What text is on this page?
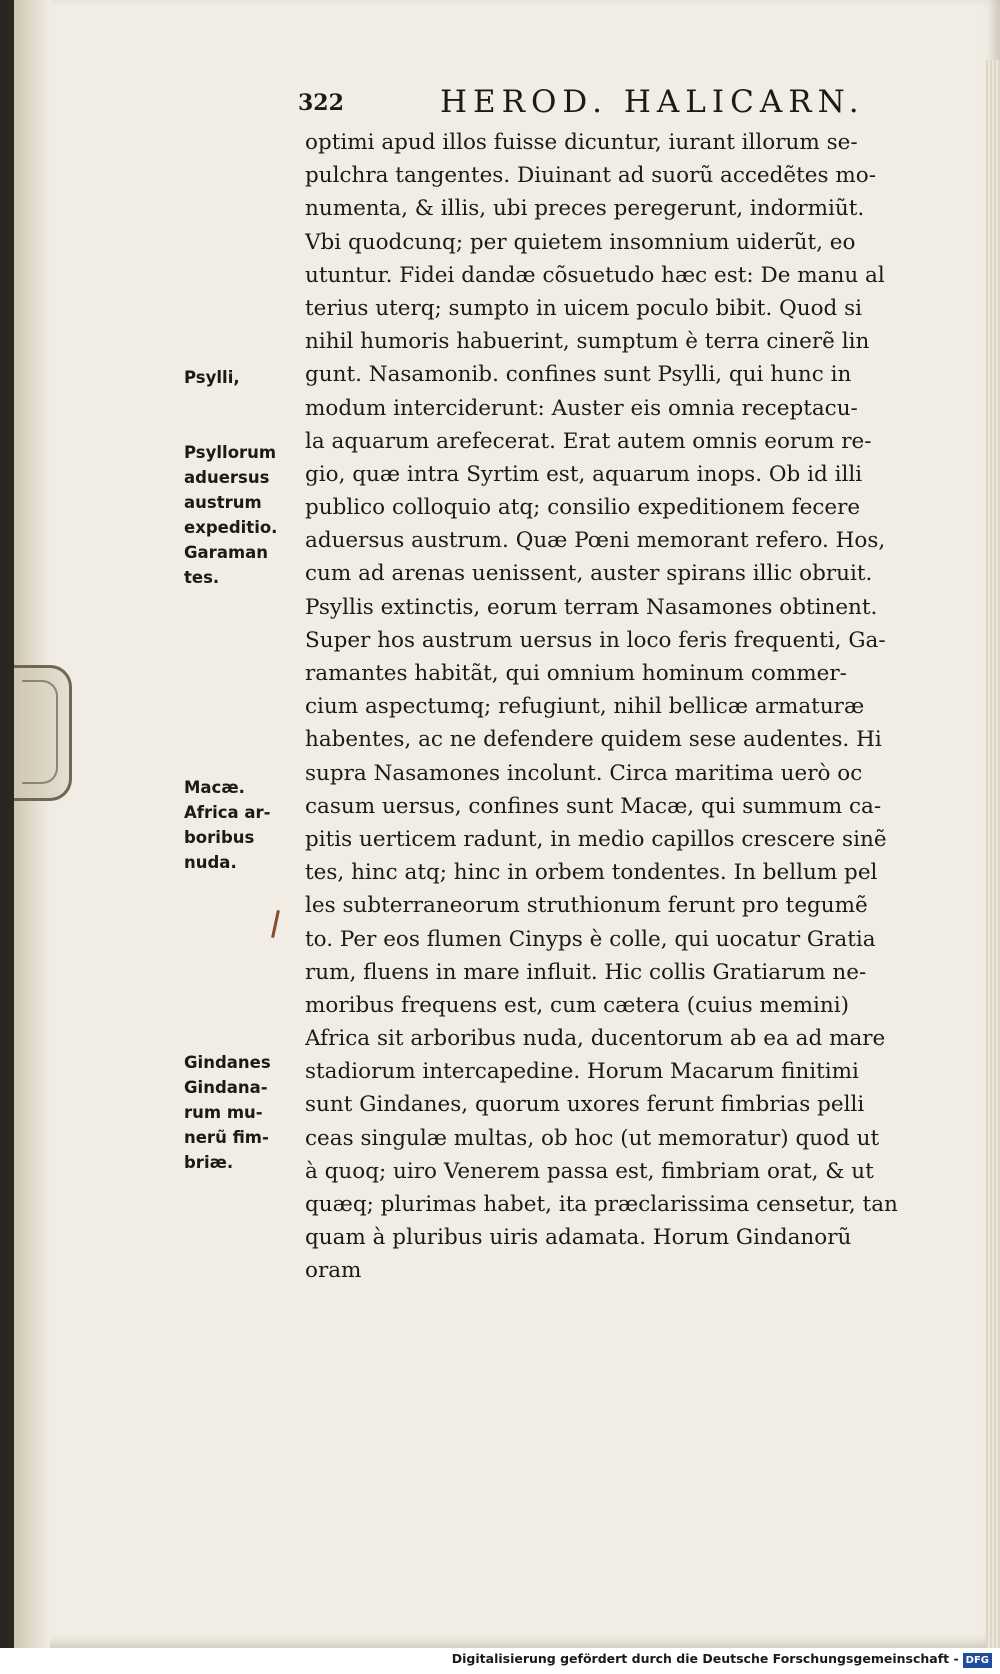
322	HEROD. HALICARN.
optimi apud illos fuisse dicuntur, iurant illorum se-
pulchra tangentes. Diuinant ad suorũ accedẽtes mo-
numenta, & illis, ubi preces peregerunt, indormiũt.
Vbi quodcunq; per quietem insomnium uiderũt, eo
utuntur. Fidei dandæ cõsuetudo hæc est: De manu al
terius uterq; sumpto in uicem poculo bibit. Quod si
nihil humoris habuerint, sumptum è terra cinerẽ lin
gunt. Nasamonib. confines sunt Psylli, qui hunc in
modum interciderunt: Auster eis omnia receptacu-
la aquarum arefecerat. Erat autem omnis eorum re-
gio, quæ intra Syrtim est, aquarum inops. Ob id illi
publico colloquio atq; consilio expeditionem fecere
aduersus austrum. Quæ Pœni memorant refero. Hos,
cum ad arenas uenissent, auster spirans illic obruit.
Psyllis extinctis, eorum terram Nasamones obtinent.
Super hos austrum uersus in loco feris frequenti, Ga-
ramantes habitãt, qui omnium hominum commer-
cium aspectumq; refugiunt, nihil bellicæ armaturæ
habentes, ac ne defendere quidem sese audentes. Hi
supra Nasamones incolunt. Circa maritima uerò oc
casum uersus, confines sunt Macæ, qui summum ca-
pitis uerticem radunt, in medio capillos crescere sinẽ
tes, hinc atq; hinc in orbem tondentes. In bellum pel
les subterraneorum struthionum ferunt pro tegumẽ
to. Per eos flumen Cinyps è colle, qui uocatur Gratia
rum, fluens in mare influit. Hic collis Gratiarum ne-
moribus frequens est, cum cætera (cuius memini)
Africa sit arboribus nuda, ducentorum ab ea ad mare
stadiorum intercapedine. Horum Macarum finitimi
sunt Gindanes, quorum uxores ferunt fimbrias pelli
ceas singulæ multas, ob hoc (ut memoratur) quod ut
à quoq; uiro Venerem passa est, fimbriam orat, & ut
quæq; plurimas habet, ita præclarissima censetur, tan
quam à pluribus uiris adamata. Horum Gindanorũ
oram
Psylli,
Psyllorum
aduersus
austrum
expeditio.
Garaman
tes.
Macæ.
Africa ar-
boribus
nuda.
Gindanes
Gindana-
rum mu-
nerũ fim-
briæ.
Digitalisierung gefördert durch die Deutsche Forschungsgemeinschaft - DFG
